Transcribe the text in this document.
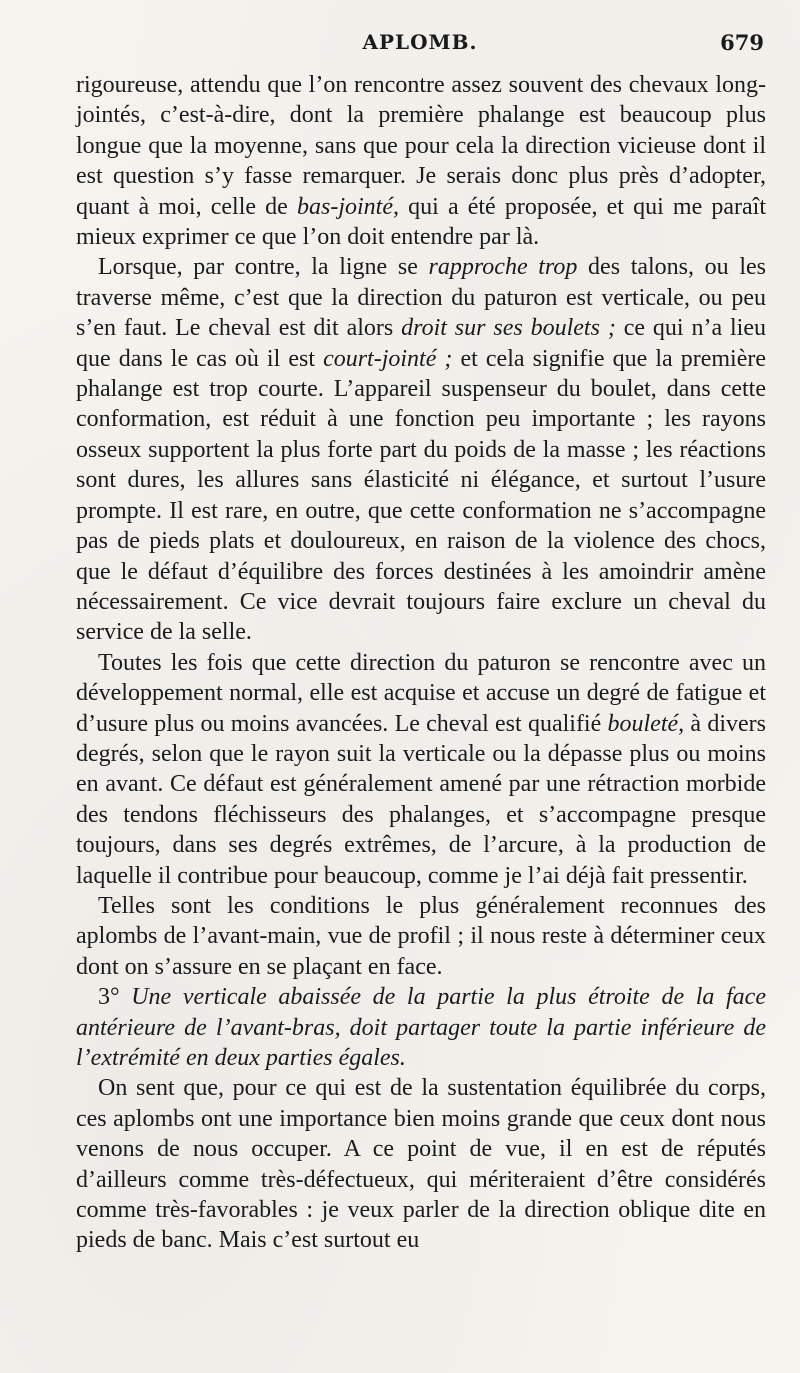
APLOMB.	679

rigoureuse, attendu que l’on rencontre assez souvent des chevaux long-jointés, c’est-à-dire, dont la première phalange est beaucoup plus longue que la moyenne, sans que pour cela la direction vicieuse dont il est question s’y fasse remarquer. Je serais donc plus près d’adopter, quant à moi, celle de bas-jointé, qui a été proposée, et qui me paraît mieux exprimer ce que l’on doit entendre par là.

Lorsque, par contre, la ligne se rapproche trop des talons, ou les traverse même, c’est que la direction du paturon est verticale, ou peu s’en faut. Le cheval est dit alors droit sur ses boulets ; ce qui n’a lieu que dans le cas où il est court-jointé ; et cela signifie que la première phalange est trop courte. L’appareil suspenseur du boulet, dans cette conformation, est réduit à une fonction peu importante ; les rayons osseux supportent la plus forte part du poids de la masse ; les réactions sont dures, les allures sans élasticité ni élégance, et surtout l’usure prompte. Il est rare, en outre, que cette conformation ne s’accompagne pas de pieds plats et douloureux, en raison de la violence des chocs, que le défaut d’équilibre des forces destinées à les amoindrir amène nécessairement. Ce vice devrait toujours faire exclure un cheval du service de la selle.

Toutes les fois que cette direction du paturon se rencontre avec un développement normal, elle est acquise et accuse un degré de fatigue et d’usure plus ou moins avancées. Le cheval est qualifié bouleté, à divers degrés, selon que le rayon suit la verticale ou la dépasse plus ou moins en avant. Ce défaut est généralement amené par une rétraction morbide des tendons fléchisseurs des phalanges, et s’accompagne presque toujours, dans ses degrés extrêmes, de l’arcure, à la production de laquelle il contribue pour beaucoup, comme je l’ai déjà fait pressentir.

Telles sont les conditions le plus généralement reconnues des aplombs de l’avant-main, vue de profil ; il nous reste à déterminer ceux dont on s’assure en se plaçant en face.

3° Une verticale abaissée de la partie la plus étroite de la face antérieure de l’avant-bras, doit partager toute la partie inférieure de l’extrémité en deux parties égales.

On sent que, pour ce qui est de la sustentation équilibrée du corps, ces aplombs ont une importance bien moins grande que ceux dont nous venons de nous occuper. A ce point de vue, il en est de réputés d’ailleurs comme très-défectueux, qui mériteraient d’être considérés comme très-favorables : je veux parler de la direction oblique dite en pieds de banc. Mais c’est surtout eu
